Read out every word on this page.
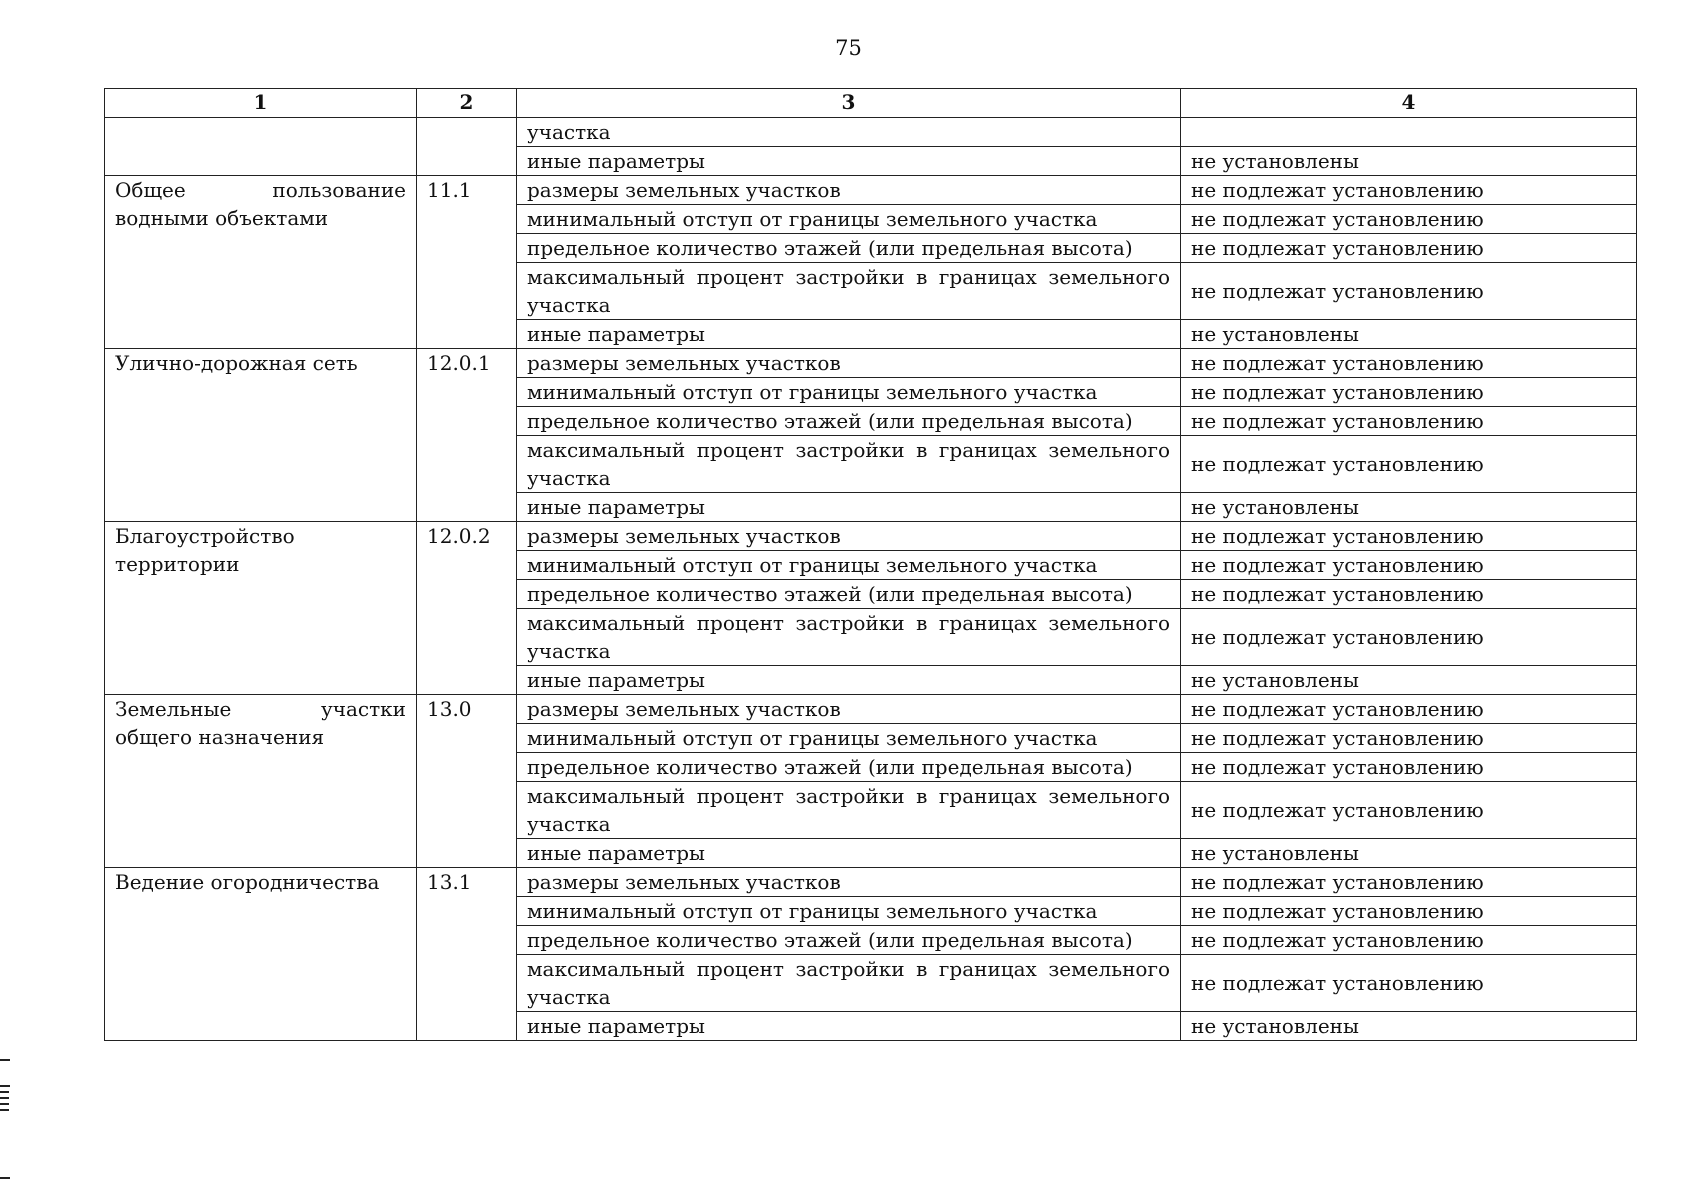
75
1	2	3	4
		участка	
		иные параметры	не установлены
Общее пользование водными объектами	11.1	размеры земельных участков	не подлежат установлению
		минимальный отступ от границы земельного участка	не подлежат установлению
		предельное количество этажей (или предельная высота)	не подлежат установлению
		максимальный процент застройки в границах земельного участка	не подлежат установлению
		иные параметры	не установлены
Улично-дорожная сеть	12.0.1	размеры земельных участков	не подлежат установлению
		минимальный отступ от границы земельного участка	не подлежат установлению
		предельное количество этажей (или предельная высота)	не подлежат установлению
		максимальный процент застройки в границах земельного участка	не подлежат установлению
		иные параметры	не установлены
Благоустройство территории	12.0.2	размеры земельных участков	не подлежат установлению
		минимальный отступ от границы земельного участка	не подлежат установлению
		предельное количество этажей (или предельная высота)	не подлежат установлению
		максимальный процент застройки в границах земельного участка	не подлежат установлению
		иные параметры	не установлены
Земельные участки общего назначения	13.0	размеры земельных участков	не подлежат установлению
		минимальный отступ от границы земельного участка	не подлежат установлению
		предельное количество этажей (или предельная высота)	не подлежат установлению
		максимальный процент застройки в границах земельного участка	не подлежат установлению
		иные параметры	не установлены
Ведение огородничества	13.1	размеры земельных участков	не подлежат установлению
		минимальный отступ от границы земельного участка	не подлежат установлению
		предельное количество этажей (или предельная высота)	не подлежат установлению
		максимальный процент застройки в границах земельного участка	не подлежат установлению
		иные параметры	не установлены
